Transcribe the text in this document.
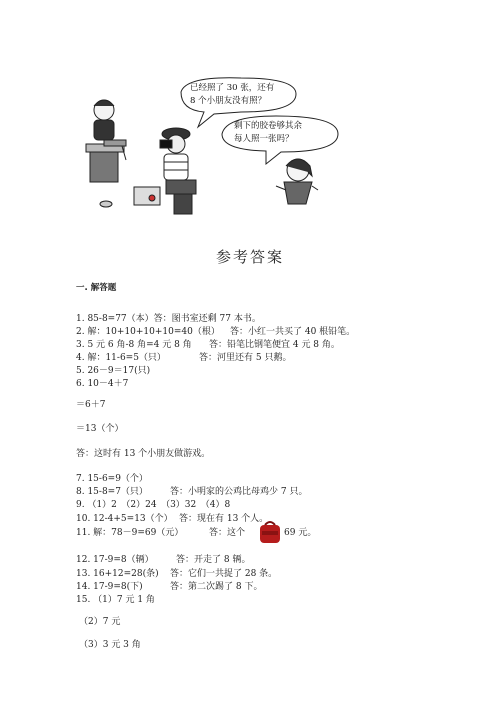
已经照了 30 张，还有
8 个小朋友没有照？
剩下的胶卷够其余
每人照一张吗？
参考答案
一. 解答题
1. 85-8=77（本）答：图书室还剩 77 本书。
2. 解：10+10+10+10=40（根） 答：小红一共买了 40 根铅笔。
3. 5 元 6 角-8 角=4 元 8 角 答：铅笔比钢笔便宜 4 元 8 角。
4. 解：11-6=5（只）	答：河里还有 5 只鹅。
5. 26－9＝17(只)
6. 10－4＋7
＝6＋7
＝13（个）
答：这时有 13 个小朋友做游戏。
7. 15-6=9（个）
8. 15-8=7（只） 答：小明家的公鸡比母鸡少 7 只。
9. （1）2　（2）24　（3）32　（4）8
10. 12-4+5=13（个） 答：现在有 13 个人。
11. 解：78－9=69（元）	答：这个	69 元。
12. 17-9=8（辆） 答：开走了 8 辆。
13. 16+12=28(条) 答：它们一共捉了 28 条。
14. 17-9=8(下)	答：第二次踢了 8 下。
15. （1）7 元 1 角
（2）7 元
（3）3 元 3 角
